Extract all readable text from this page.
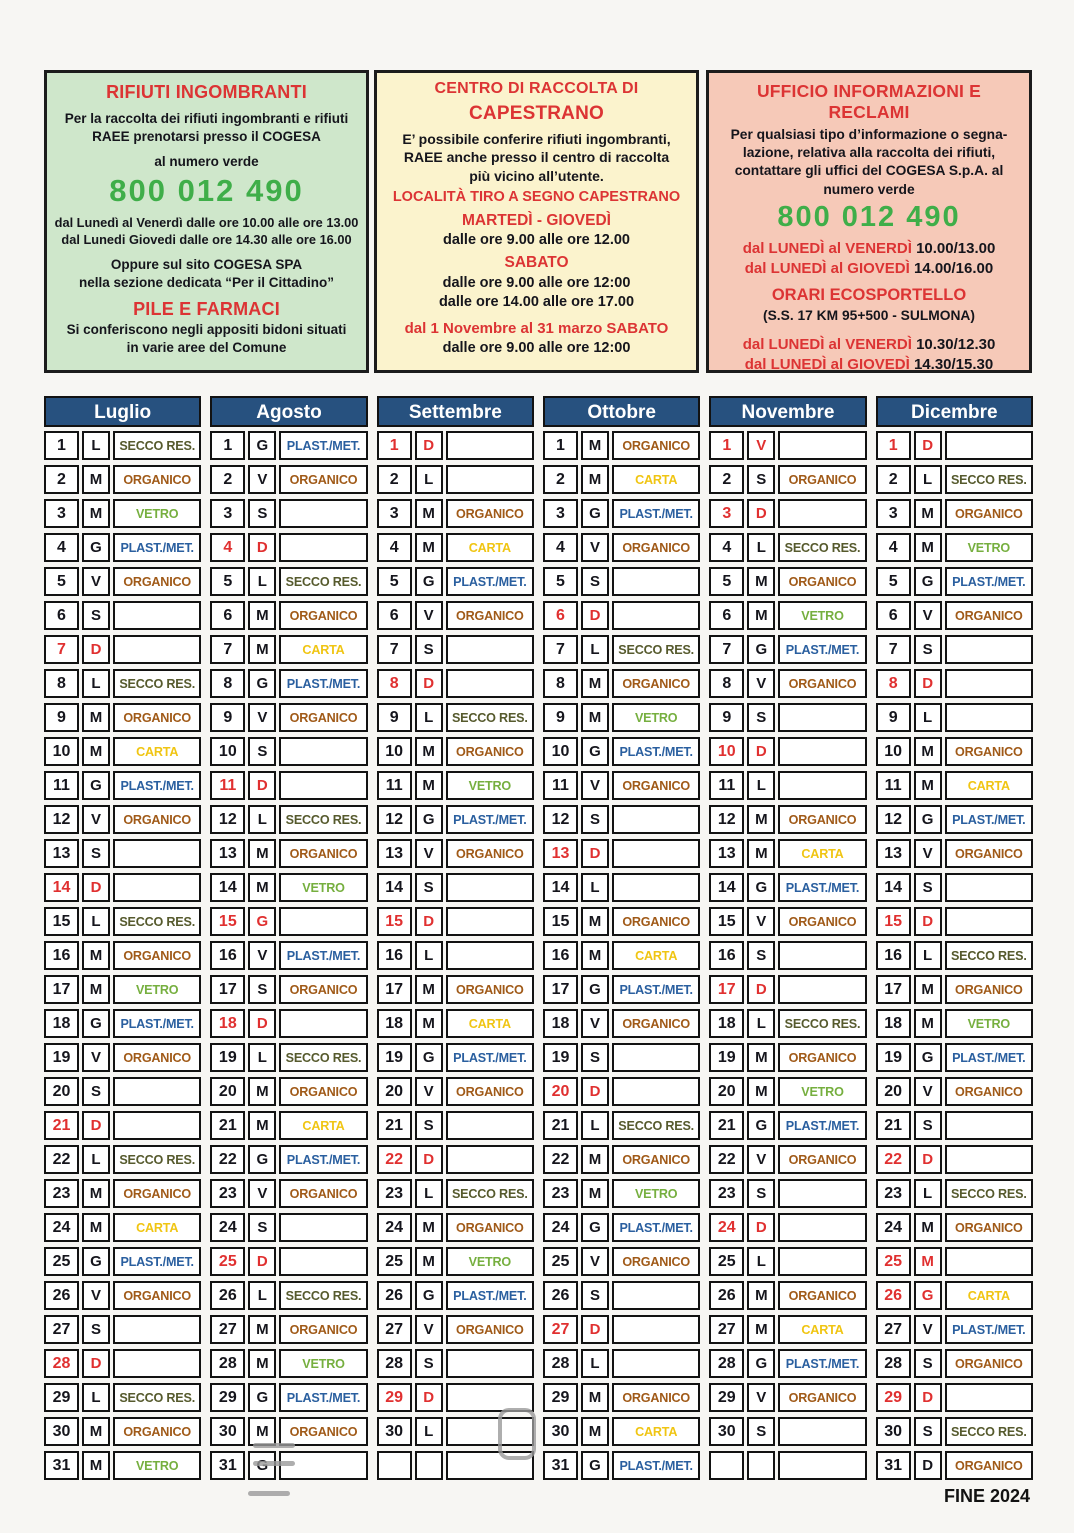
RIFIUTI INGOMBRANTI
Per la raccolta dei rifiuti ingombranti e rifiuti
RAEE prenotarsi presso il COGESA
al numero verde
800 012 490
dal Lunedì al Venerdì dalle ore 10.00 alle ore 13.00
dal Lunedi Giovedi dalle ore 14.30 alle ore 16.00
Oppure sul sito COGESA SPA
nella sezione dedicata “Per il Cittadino”
PILE E FARMACI
Si conferiscono negli appositi bidoni situati
in varie aree del Comune
CENTRO DI RACCOLTA DI
CAPESTRANO
E’ possibile conferire rifiuti ingombranti,
RAEE anche presso il centro di raccolta
più vicino all’utente.
LOCALITÀ TIRO A SEGNO CAPESTRANO
MARTEDÌ - GIOVEDÌ
dalle ore 9.00 alle ore 12.00
SABATO
dalle ore 9.00 alle ore 12:00
dalle ore 14.00 alle ore 17.00
dal 1 Novembre al 31 marzo SABATO
dalle ore 9.00 alle ore 12:00
UFFICIO INFORMAZIONI E RECLAMI
Per qualsiasi tipo d’informazione o segna-
lazione, relativa alla raccolta dei rifiuti,
contattare gli uffici del COGESA S.p.A. al
numero verde
800 012 490
dal LUNEDÌ al VENERDÌ 10.00/13.00
dal LUNEDÌ al GIOVEDÌ 14.00/16.00
ORARI ECOSPORTELLO
(S.S. 17 KM 95+500 - SULMONA)
dal LUNEDÌ al VENERDÌ 10.30/12.30
dal LUNEDÌ al GIOVEDÌ 14.30/15.30
Luglio
1	L	SECCO RES.
2	M	ORGANICO
3	M	VETRO
4	G	PLAST./MET.
5	V	ORGANICO
6	S
7	D
8	L	SECCO RES.
9	M	ORGANICO
10	M	CARTA
11	G	PLAST./MET.
12	V	ORGANICO
13	S
14	D
15	L	SECCO RES.
16	M	ORGANICO
17	M	VETRO
18	G	PLAST./MET.
19	V	ORGANICO
20	S
21	D
22	L	SECCO RES.
23	M	ORGANICO
24	M	CARTA
25	G	PLAST./MET.
26	V	ORGANICO
27	S
28	D
29	L	SECCO RES.
30	M	ORGANICO
31	M	VETRO
Agosto
1	G	PLAST./MET.
2	V	ORGANICO
3	S
4	D
5	L	SECCO RES.
6	M	ORGANICO
7	M	CARTA
8	G	PLAST./MET.
9	V	ORGANICO
10	S
11	D
12	L	SECCO RES.
13	M	ORGANICO
14	M	VETRO
15	G
16	V	PLAST./MET.
17	S	ORGANICO
18	D
19	L	SECCO RES.
20	M	ORGANICO
21	M	CARTA
22	G	PLAST./MET.
23	V	ORGANICO
24	S
25	D
26	L	SECCO RES.
27	M	ORGANICO
28	M	VETRO
29	G	PLAST./MET.
30	M	ORGANICO
31
Settembre
1	D
2	L
3	M	ORGANICO
4	M	CARTA
5	G	PLAST./MET.
6	V	ORGANICO
7	S
8	D
9	L	SECCO RES.
10	M	ORGANICO
11	M	VETRO
12	G	PLAST./MET.
13	V	ORGANICO
14	S
15	D
16	L
17	M	ORGANICO
18	M	CARTA
19	G	PLAST./MET.
20	V	ORGANICO
21	S
22	D
23	L	SECCO RES.
24	M	ORGANICO
25	M	VETRO
26	G	PLAST./MET.
27	V	ORGANICO
28	S
29	D
30	L
Ottobre
1	M	ORGANICO
2	M	CARTA
3	G	PLAST./MET.
4	V	ORGANICO
5	S
6	D
7	L	SECCO RES.
8	M	ORGANICO
9	M	VETRO
10	G	PLAST./MET.
11	V	ORGANICO
12	S
13	D
14	L
15	M	ORGANICO
16	M	CARTA
17	G	PLAST./MET.
18	V	ORGANICO
19	S
20	D
21	L	SECCO RES.
22	M	ORGANICO
23	M	VETRO
24	G	PLAST./MET.
25	V	ORGANICO
26	S
27	D
28	L
29	M	ORGANICO
30	M	CARTA
31	G	PLAST./MET.
Novembre
1	V
2	S	ORGANICO
3	D
4	L	SECCO RES.
5	M	ORGANICO
6	M	VETRO
7	G	PLAST./MET.
8	V	ORGANICO
9	S
10	D
11	L
12	M	ORGANICO
13	M	CARTA
14	G	PLAST./MET.
15	V	ORGANICO
16	S
17	D
18	L	SECCO RES.
19	M	ORGANICO
20	M	VETRO
21	G	PLAST./MET.
22	V	ORGANICO
23	S
24	D
25	L
26	M	ORGANICO
27	M	CARTA
28	G	PLAST./MET.
29	V	ORGANICO
30	S
Dicembre
1	D
2	L	SECCO RES.
3	M	ORGANICO
4	M	VETRO
5	G	PLAST./MET.
6	V	ORGANICO
7	S
8	D
9	L
10	M	ORGANICO
11	M	CARTA
12	G	PLAST./MET.
13	V	ORGANICO
14	S
15	D
16	L	SECCO RES.
17	M	ORGANICO
18	M	VETRO
19	G	PLAST./MET.
20	V	ORGANICO
21	S
22	D
23	L	SECCO RES.
24	M	ORGANICO
25	M
26	G	CARTA
27	V	PLAST./MET.
28	S	ORGANICO
29	D
30	S	SECCO RES.
31	D	ORGANICO
FINE 2024
